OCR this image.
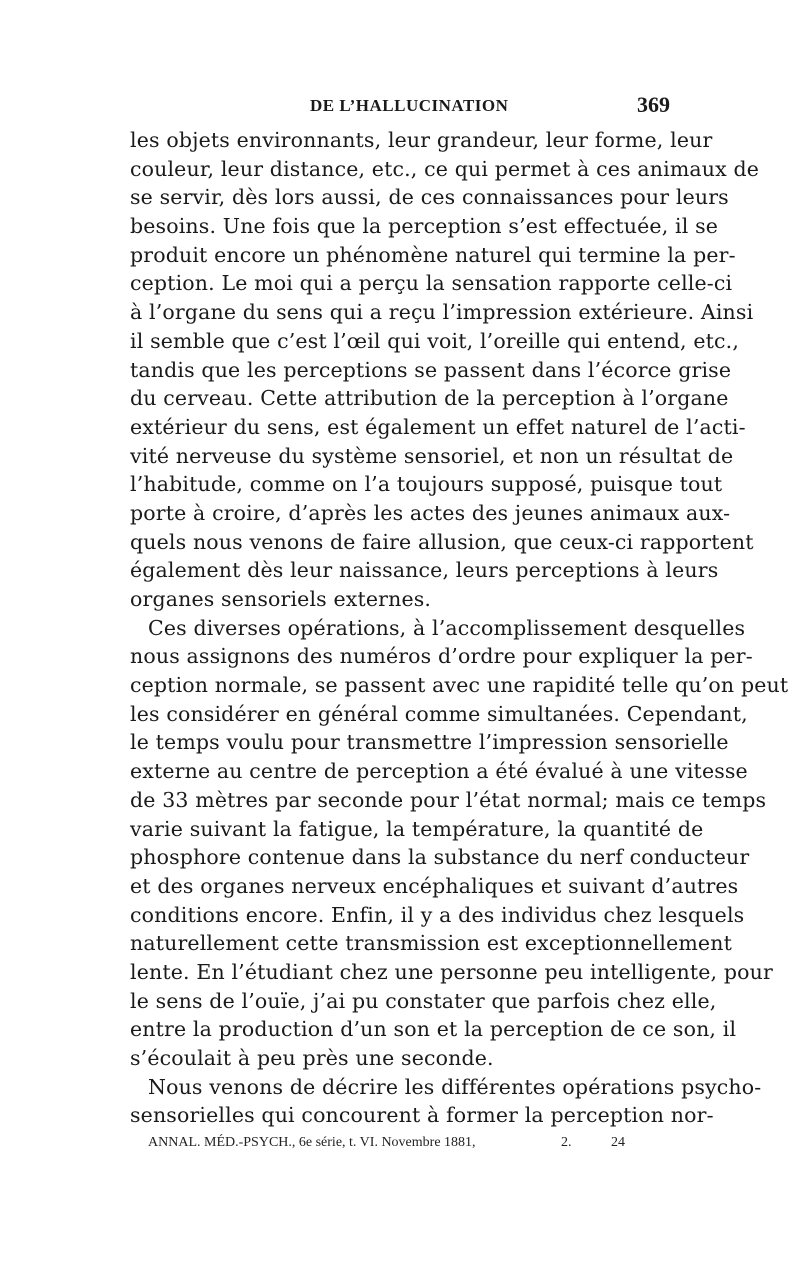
DE L’HALLUCINATION	369
les objets environnants, leur grandeur, leur forme, leur
couleur, leur distance, etc., ce qui permet à ces animaux de
se servir, dès lors aussi, de ces connaissances pour leurs
besoins. Une fois que la perception s’est effectuée, il se
produit encore un phénomène naturel qui termine la per-
ception. Le moi qui a perçu la sensation rapporte celle-ci
à l’organe du sens qui a reçu l’impression extérieure. Ainsi
il semble que c’est l’œil qui voit, l’oreille qui entend, etc.,
tandis que les perceptions se passent dans l’écorce grise
du cerveau. Cette attribution de la perception à l’organe
extérieur du sens, est également un effet naturel de l’acti-
vité nerveuse du système sensoriel, et non un résultat de
l’habitude, comme on l’a toujours supposé, puisque tout
porte à croire, d’après les actes des jeunes animaux aux-
quels nous venons de faire allusion, que ceux-ci rapportent
également dès leur naissance, leurs perceptions à leurs
organes sensoriels externes.
Ces diverses opérations, à l’accomplissement desquelles
nous assignons des numéros d’ordre pour expliquer la per-
ception normale, se passent avec une rapidité telle qu’on peut
les considérer en général comme simultanées. Cependant,
le temps voulu pour transmettre l’impression sensorielle
externe au centre de perception a été évalué à une vitesse
de 33 mètres par seconde pour l’état normal; mais ce temps
varie suivant la fatigue, la température, la quantité de
phosphore contenue dans la substance du nerf conducteur
et des organes nerveux encéphaliques et suivant d’autres
conditions encore. Enfin, il y a des individus chez lesquels
naturellement cette transmission est exceptionnellement
lente. En l’étudiant chez une personne peu intelligente, pour
le sens de l’ouïe, j’ai pu constater que parfois chez elle,
entre la production d’un son et la perception de ce son, il
s’écoulait à peu près une seconde.
Nous venons de décrire les différentes opérations psycho-
sensorielles qui concourent à former la perception nor-
ANNAL. MÉD.-PSYCH., 6e série, t. VI. Novembre 1881,	2.	24
